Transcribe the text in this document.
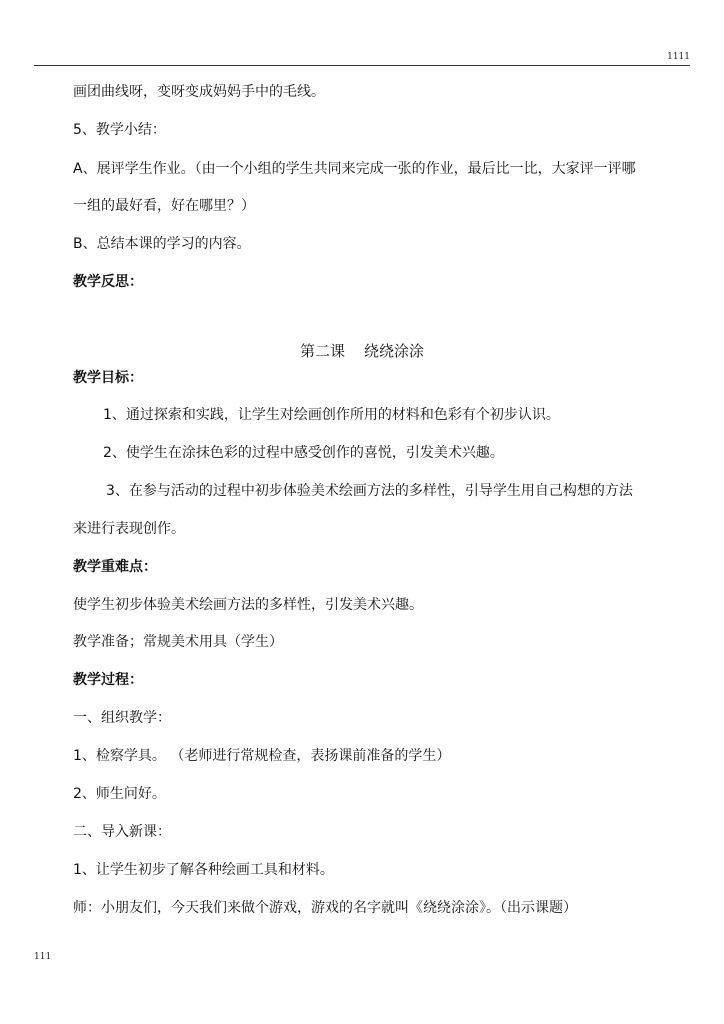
1111
画团曲线呀，变呀变成妈妈手中的毛线。
5、教学小结：
A、展评学生作业。（由一个小组的学生共同来完成一张的作业，最后比一比，大家评一评哪
一组的最好看，好在哪里？）
B、总结本课的学习的内容。
教学反思：
第二课    绕绕涂涂
教学目标：
1、通过探索和实践，让学生对绘画创作所用的材料和色彩有个初步认识。
2、使学生在涂抹色彩的过程中感受创作的喜悦，引发美术兴趣。
3、在参与活动的过程中初步体验美术绘画方法的多样性，引导学生用自己构想的方法
来进行表现创作。
教学重难点：
使学生初步体验美术绘画方法的多样性，引发美术兴趣。
教学准备；常规美术用具（学生）
教学过程：
一、组织教学：
1、检察学具。 （老师进行常规检查，表扬课前准备的学生）
2、师生问好。
二、导入新课：
1、让学生初步了解各种绘画工具和材料。
师：小朋友们，今天我们来做个游戏，游戏的名字就叫《绕绕涂涂》。（出示课题）
111
